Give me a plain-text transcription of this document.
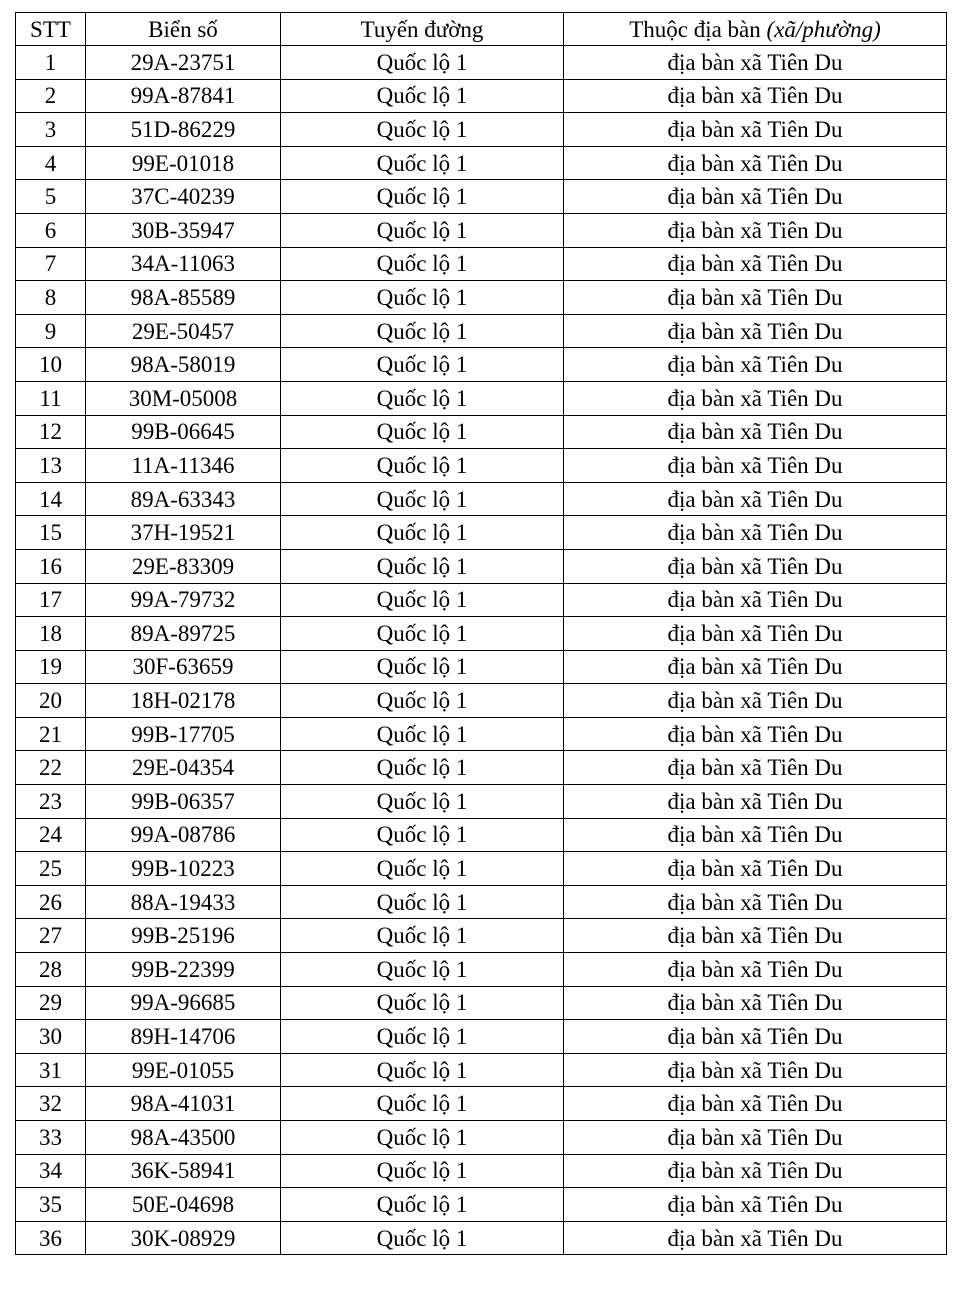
STT	Biển số	Tuyến đường	Thuộc địa bàn (xã/phường)
1	29A-23751	Quốc lộ 1	địa bàn xã Tiên Du
2	99A-87841	Quốc lộ 1	địa bàn xã Tiên Du
3	51D-86229	Quốc lộ 1	địa bàn xã Tiên Du
4	99E-01018	Quốc lộ 1	địa bàn xã Tiên Du
5	37C-40239	Quốc lộ 1	địa bàn xã Tiên Du
6	30B-35947	Quốc lộ 1	địa bàn xã Tiên Du
7	34A-11063	Quốc lộ 1	địa bàn xã Tiên Du
8	98A-85589	Quốc lộ 1	địa bàn xã Tiên Du
9	29E-50457	Quốc lộ 1	địa bàn xã Tiên Du
10	98A-58019	Quốc lộ 1	địa bàn xã Tiên Du
11	30M-05008	Quốc lộ 1	địa bàn xã Tiên Du
12	99B-06645	Quốc lộ 1	địa bàn xã Tiên Du
13	11A-11346	Quốc lộ 1	địa bàn xã Tiên Du
14	89A-63343	Quốc lộ 1	địa bàn xã Tiên Du
15	37H-19521	Quốc lộ 1	địa bàn xã Tiên Du
16	29E-83309	Quốc lộ 1	địa bàn xã Tiên Du
17	99A-79732	Quốc lộ 1	địa bàn xã Tiên Du
18	89A-89725	Quốc lộ 1	địa bàn xã Tiên Du
19	30F-63659	Quốc lộ 1	địa bàn xã Tiên Du
20	18H-02178	Quốc lộ 1	địa bàn xã Tiên Du
21	99B-17705	Quốc lộ 1	địa bàn xã Tiên Du
22	29E-04354	Quốc lộ 1	địa bàn xã Tiên Du
23	99B-06357	Quốc lộ 1	địa bàn xã Tiên Du
24	99A-08786	Quốc lộ 1	địa bàn xã Tiên Du
25	99B-10223	Quốc lộ 1	địa bàn xã Tiên Du
26	88A-19433	Quốc lộ 1	địa bàn xã Tiên Du
27	99B-25196	Quốc lộ 1	địa bàn xã Tiên Du
28	99B-22399	Quốc lộ 1	địa bàn xã Tiên Du
29	99A-96685	Quốc lộ 1	địa bàn xã Tiên Du
30	89H-14706	Quốc lộ 1	địa bàn xã Tiên Du
31	99E-01055	Quốc lộ 1	địa bàn xã Tiên Du
32	98A-41031	Quốc lộ 1	địa bàn xã Tiên Du
33	98A-43500	Quốc lộ 1	địa bàn xã Tiên Du
34	36K-58941	Quốc lộ 1	địa bàn xã Tiên Du
35	50E-04698	Quốc lộ 1	địa bàn xã Tiên Du
36	30K-08929	Quốc lộ 1	địa bàn xã Tiên Du
